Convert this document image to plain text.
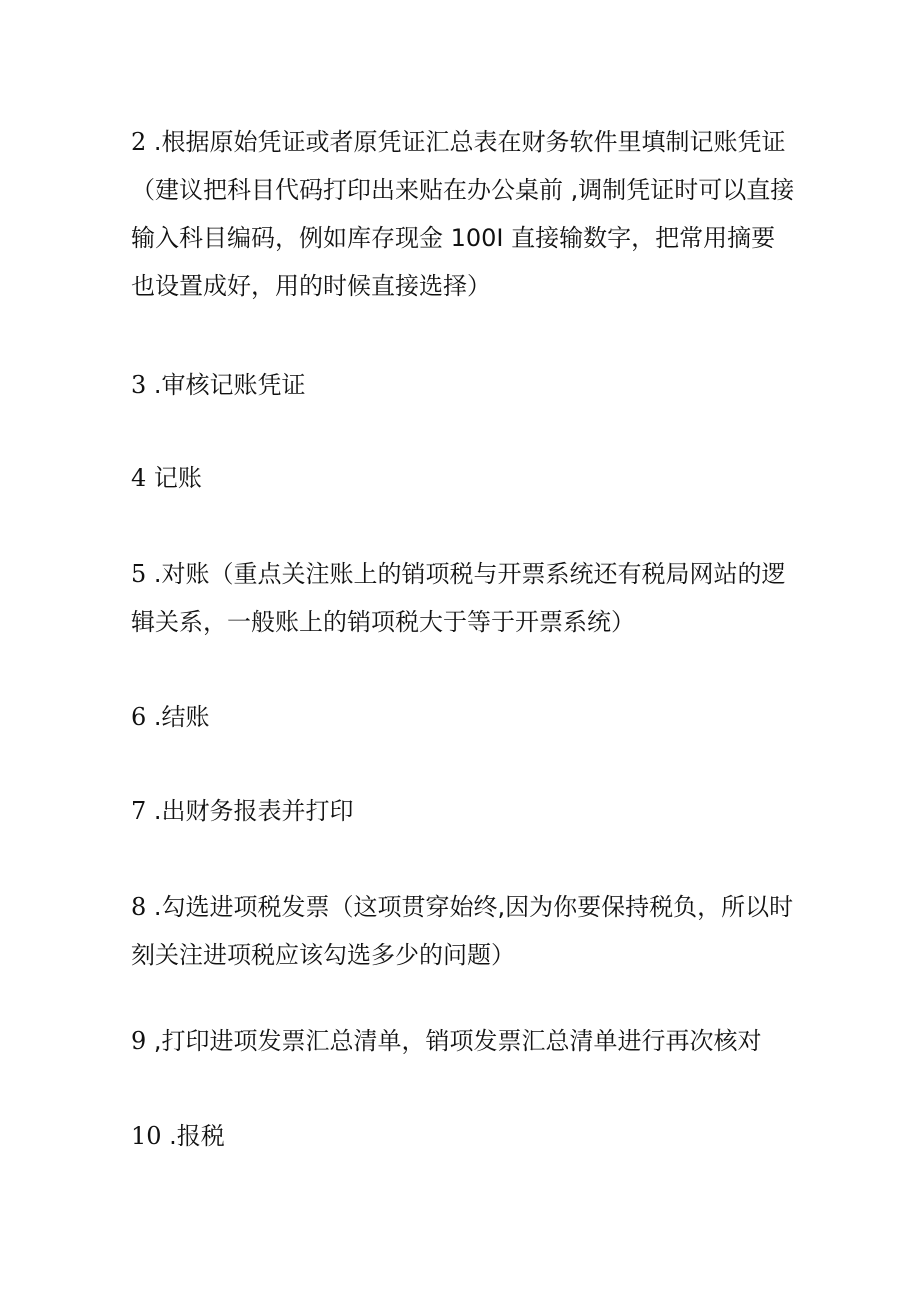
2 .根据原始凭证或者原凭证汇总表在财务软件里填制记账凭证（建议把科目代码打印出来贴在办公桌前 ,调制凭证时可以直接输入科目编码，例如库存现金 100I 直接输数字，把常用摘要也设置成好，用的时候直接选择）

3 .审核记账凭证

4 记账

5 .对账（重点关注账上的销项税与开票系统还有税局网站的逻辑关系，一般账上的销项税大于等于开票系统）

6 .结账

7 .出财务报表并打印

8 .勾选进项税发票（这项贯穿始终,因为你要保持税负，所以时刻关注进项税应该勾选多少的问题）

9 ,打印进项发票汇总清单，销项发票汇总清单进行再次核对

10 .报税
